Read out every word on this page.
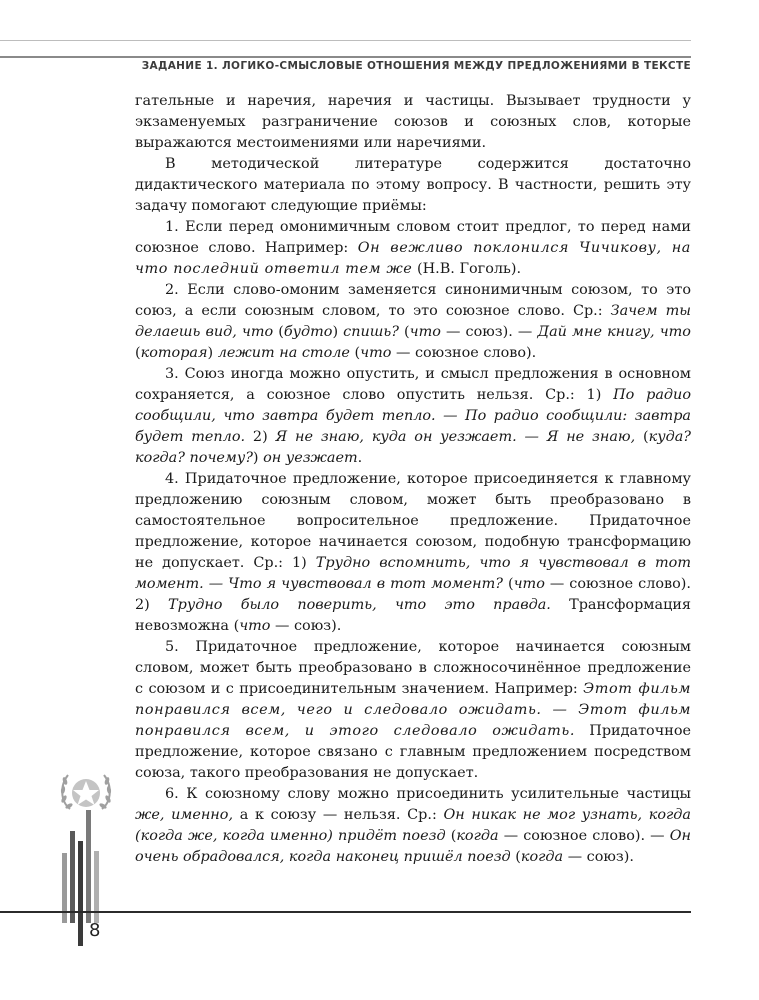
ЗАДАНИЕ 1. ЛОГИКО-СМЫСЛОВЫЕ ОТНОШЕНИЯ МЕЖДУ ПРЕДЛОЖЕНИЯМИ В ТЕКСТЕ

гательные и наречия, наречия и частицы. Вызывает трудности у экзаменуемых разграничение союзов и союзных слов, которые выражаются местоимениями или наречиями.

В методической литературе содержится достаточно дидактического материала по этому вопросу. В частности, решить эту задачу помогают следующие приёмы:

1. Если перед омонимичным словом стоит предлог, то перед нами союзное слово. Например: Он вежливо поклонился Чичикову, на что последний ответил тем же (Н.В. Гоголь).

2. Если слово-омоним заменяется синонимичным союзом, то это союз, а если союзным словом, то это союзное слово. Ср.: Зачем ты делаешь вид, что (будто) спишь? (что — союз). — Дай мне книгу, что (которая) лежит на столе (что — союзное слово).

3. Союз иногда можно опустить, и смысл предложения в основном сохраняется, а союзное слово опустить нельзя. Ср.: 1) По радио сообщили, что завтра будет тепло. — По радио сообщили: завтра будет тепло. 2) Я не знаю, куда он уезжает. — Я не знаю, (куда? когда? почему?) он уезжает.

4. Придаточное предложение, которое присоединяется к главному предложению союзным словом, может быть преобразовано в самостоятельное вопросительное предложение. Придаточное предложение, которое начинается союзом, подобную трансформацию не допускает. Ср.: 1) Трудно вспомнить, что я чувствовал в тот момент. — Что я чувствовал в тот момент? (что — союзное слово). 2) Трудно было поверить, что это правда. Трансформация невозможна (что — союз).

5. Придаточное предложение, которое начинается союзным словом, может быть преобразовано в сложносочинённое предложение с союзом и с присоединительным значением. Например: Этот фильм понравился всем, чего и следовало ожидать. — Этот фильм понравился всем, и этого следовало ожидать. Придаточное предложение, которое связано с главным предложением посредством союза, такого преобразования не допускает.

6. К союзному слову можно присоединить усилительные частицы же, именно, а к союзу — нельзя. Ср.: Он никак не мог узнать, когда (когда же, когда именно) придёт поезд (когда — союзное слово). — Он очень обрадовался, когда наконец пришёл поезд (когда — союз).

8
